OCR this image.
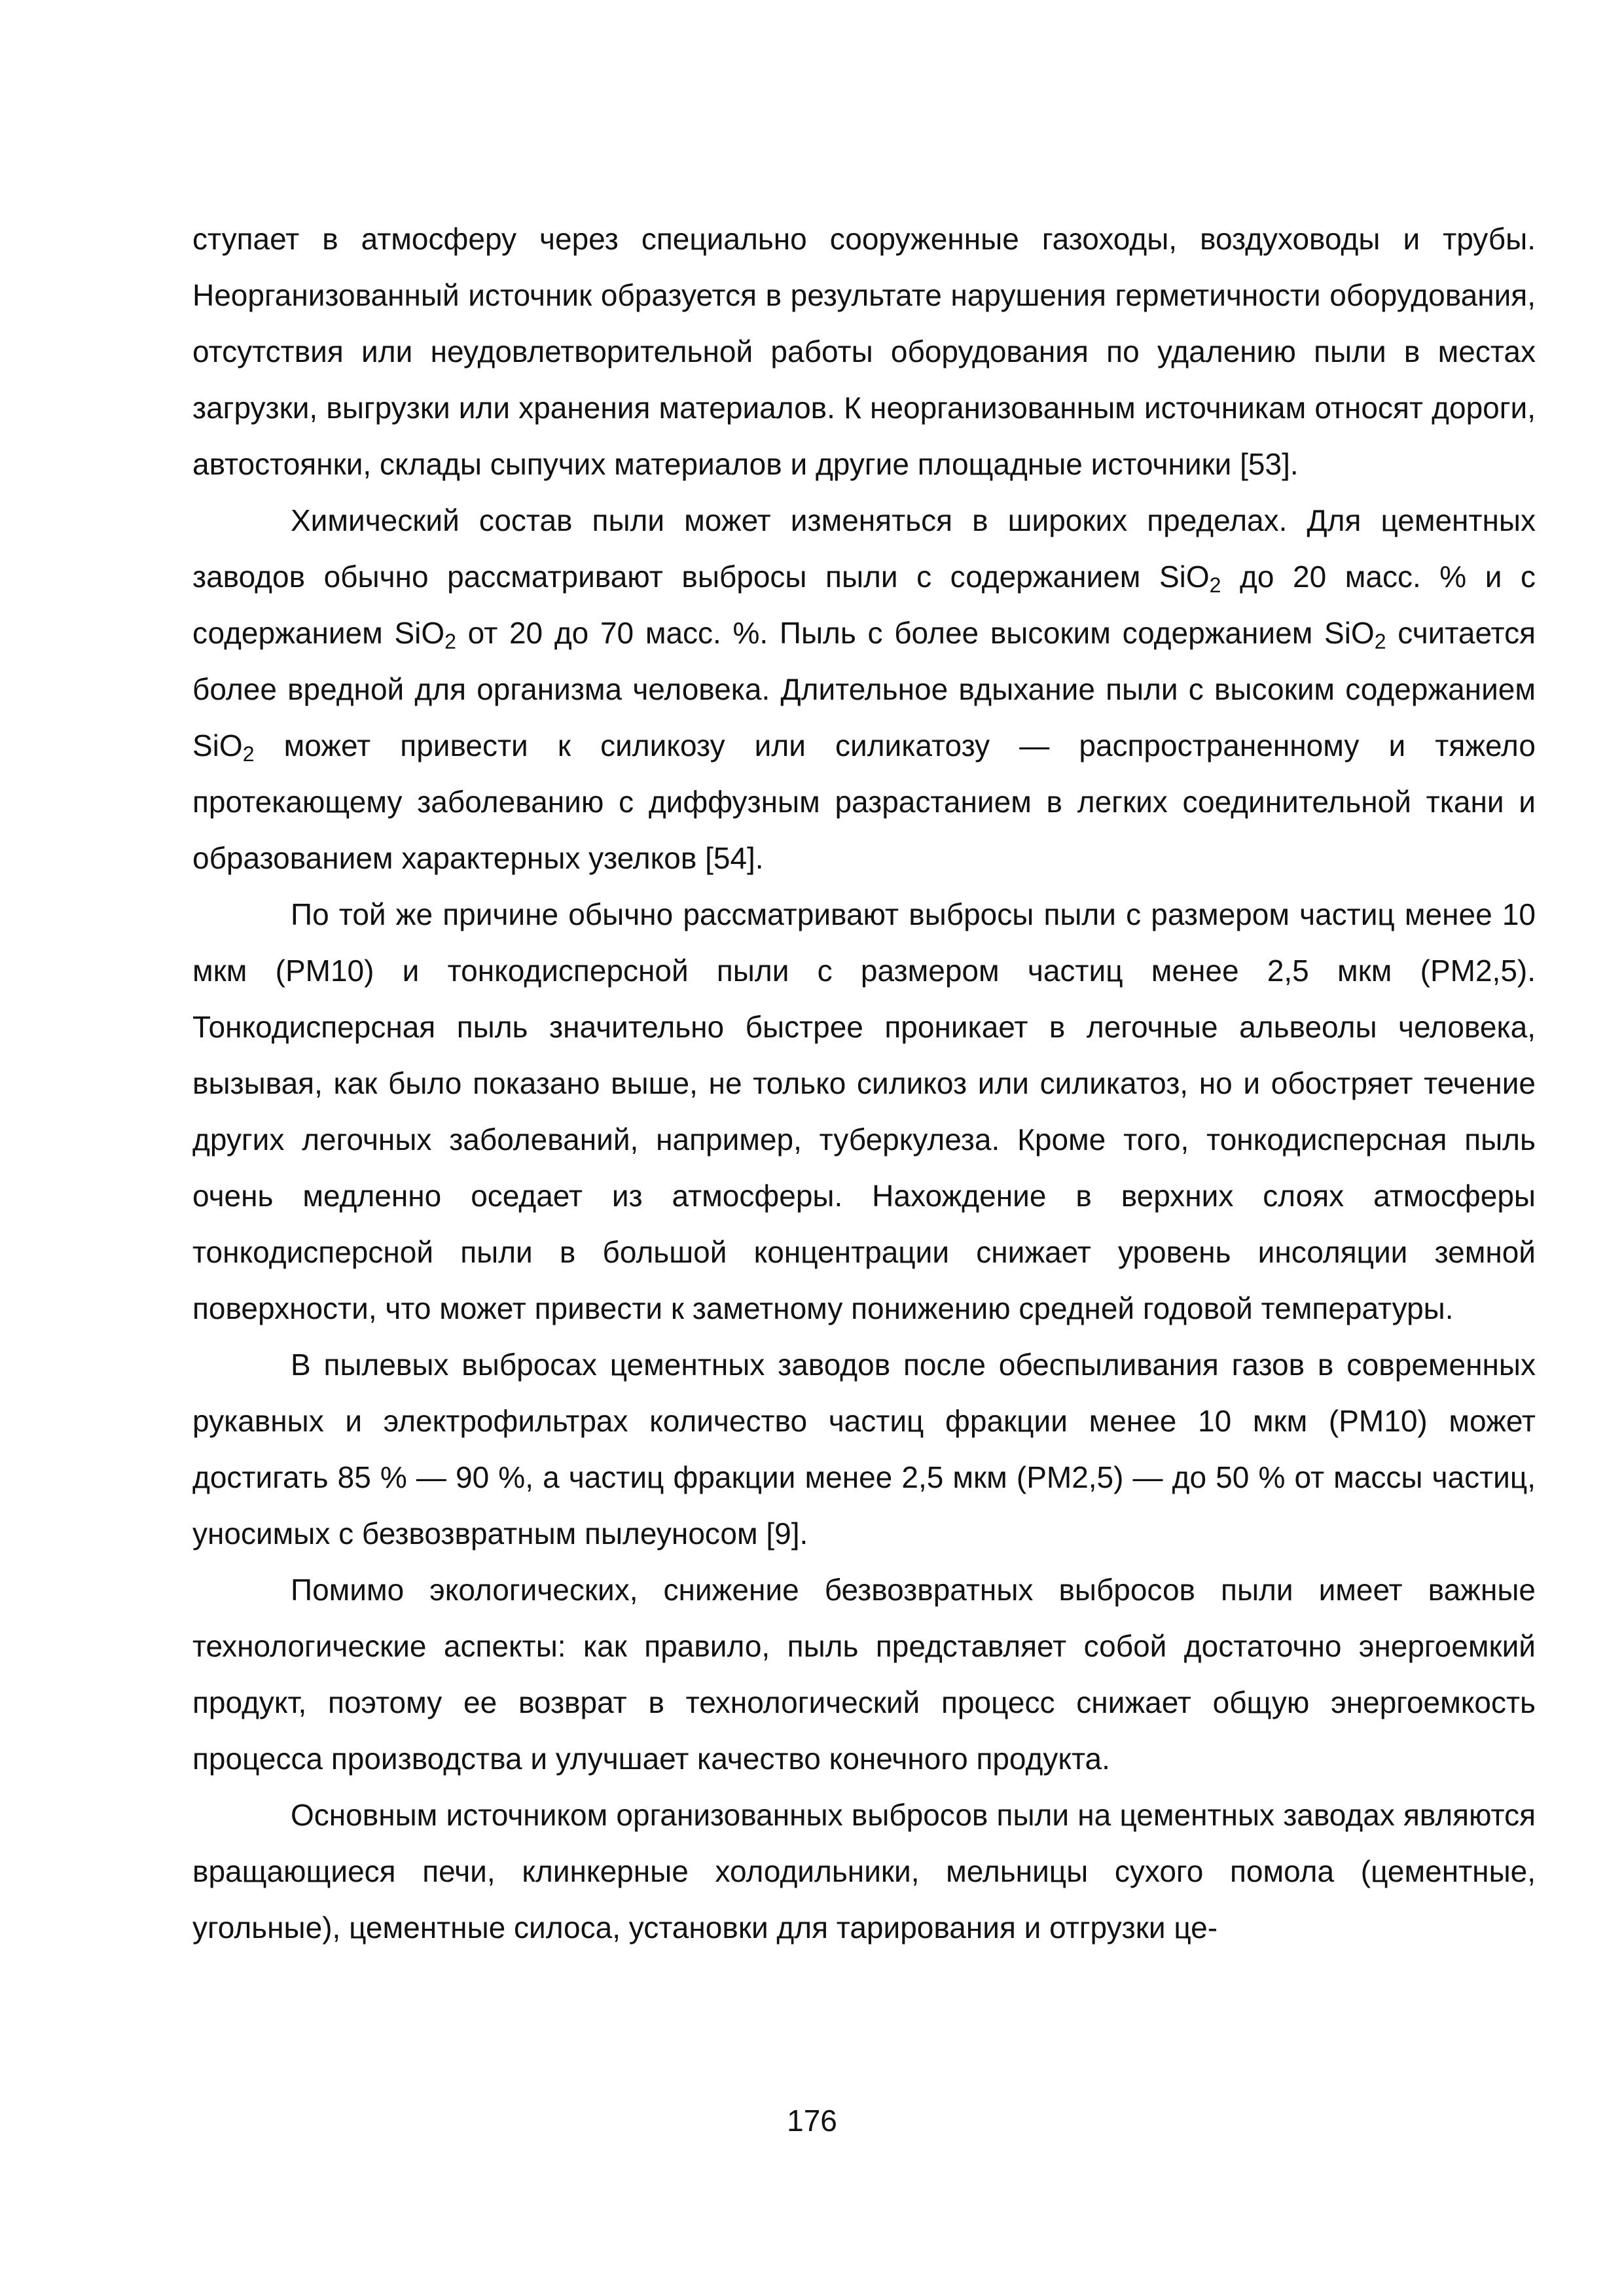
ступает в атмосферу через специально сооруженные газоходы, воздуховоды и трубы. Неорганизованный источник образуется в результате нарушения герметичности оборудования, отсутствия или неудовлетворительной работы оборудования по удалению пыли в местах загрузки, выгрузки или хранения материалов. К неорганизованным источникам относят дороги, автостоянки, склады сыпучих материалов и другие площадные источники [53].

Химический состав пыли может изменяться в широких пределах. Для цементных заводов обычно рассматривают выбросы пыли с содержанием SiO$_2$ до 20 масс. % и с содержанием SiO$_2$ от 20 до 70 масс. %. Пыль с более высоким содержанием SiO$_2$ считается более вредной для организма человека. Длительное вдыхание пыли с высоким содержанием SiO$_2$ может привести к силикозу или силикатозу — распространенному и тяжело протекающему заболеванию с диффузным разрастанием в легких соединительной ткани и образованием характерных узелков [54].

По той же причине обычно рассматривают выбросы пыли с размером частиц менее 10 мкм (PM10) и тонкодисперсной пыли с размером частиц менее 2,5 мкм (PM2,5). Тонкодисперсная пыль значительно быстрее проникает в легочные альвеолы человека, вызывая, как было показано выше, не только силикоз или силикатоз, но и обостряет течение других легочных заболеваний, например, туберкулеза. Кроме того, тонкодисперсная пыль очень медленно оседает из атмосферы. Нахождение в верхних слоях атмосферы тонкодисперсной пыли в большой концентрации снижает уровень инсоляции земной поверхности, что может привести к заметному понижению средней годовой температуры.

В пылевых выбросах цементных заводов после обеспыливания газов в современных рукавных и электрофильтрах количество частиц фракции менее 10 мкм (PM10) может достигать 85 % — 90 %, а частиц фракции менее 2,5 мкм (PM2,5) — до 50 % от массы частиц, уносимых с безвозвратным пылеуносом [9].

Помимо экологических, снижение безвозвратных выбросов пыли имеет важные технологические аспекты: как правило, пыль представляет собой достаточно энергоемкий продукт, поэтому ее возврат в технологический процесс снижает общую энергоемкость процесса производства и улучшает качество конечного продукта.

Основным источником организованных выбросов пыли на цементных заводах являются вращающиеся печи, клинкерные холодильники, мельницы сухого помола (цементные, угольные), цементные силоса, установки для тарирования и отгрузки це-

176
